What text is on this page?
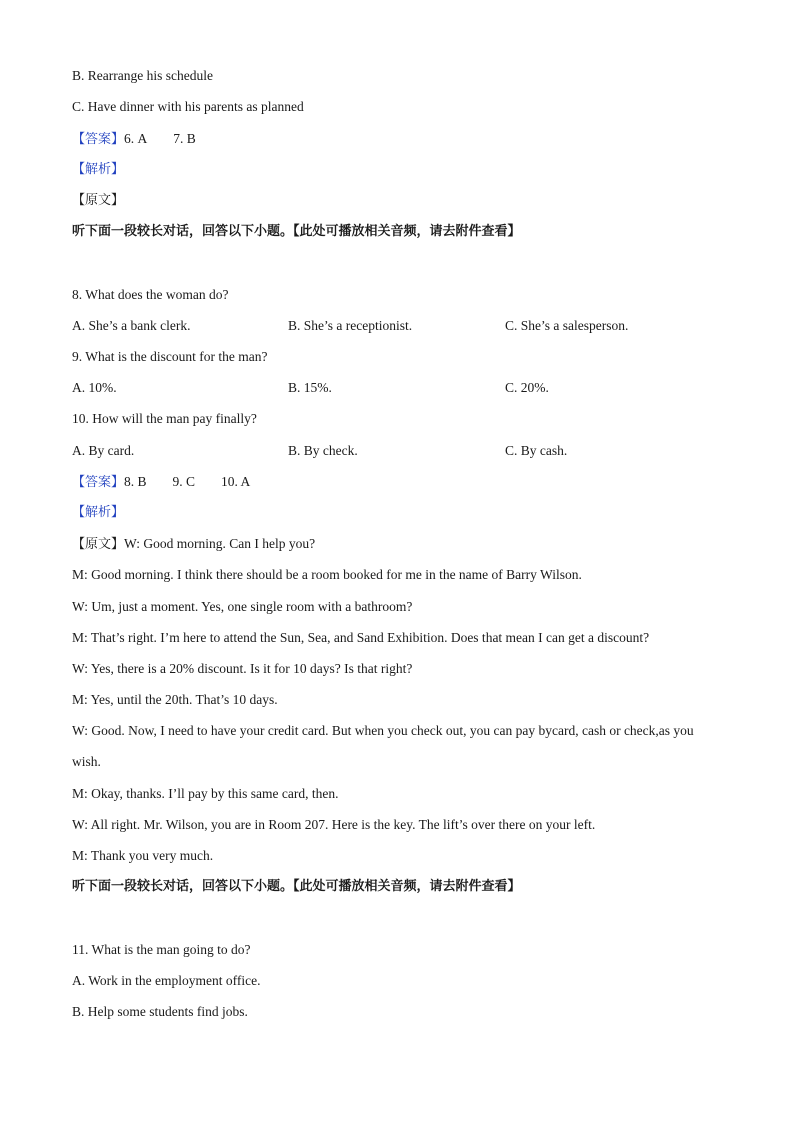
B. Rearrange his schedule
C. Have dinner with his parents as planned
【答案】6. A 7. B
【解析】
【原文】
听下面一段较长对话，回答以下小题。【此处可播放相关音频，请去附件查看】
8. What does the woman do?
A. She’s a bank clerk.	B. She’s a receptionist.	C. She’s a salesperson.
9. What is the discount for the man?
A. 10%.	B. 15%.	C. 20%.
10. How will the man pay finally?
A. By card.	B. By check.	C. By cash.
【答案】8. B 9. C 10. A
【解析】
【原文】W: Good morning. Can I help you?
M: Good morning. I think there should be a room booked for me in the name of Barry Wilson.
W: Um, just a moment. Yes, one single room with a bathroom?
M: That’s right. I’m here to attend the Sun, Sea, and Sand Exhibition. Does that mean I can get a discount?
W: Yes, there is a 20% discount. Is it for 10 days? Is that right?
M: Yes, until the 20th. That’s 10 days.
W: Good. Now, I need to have your credit card. But when you check out, you can pay bycard, cash or check,as you wish.
M: Okay, thanks. I’ll pay by this same card, then.
W: All right. Mr. Wilson, you are in Room 207. Here is the key. The lift’s over there on your left.
M: Thank you very much.
听下面一段较长对话，回答以下小题。【此处可播放相关音频，请去附件查看】
11. What is the man going to do?
A. Work in the employment office.
B. Help some students find jobs.
